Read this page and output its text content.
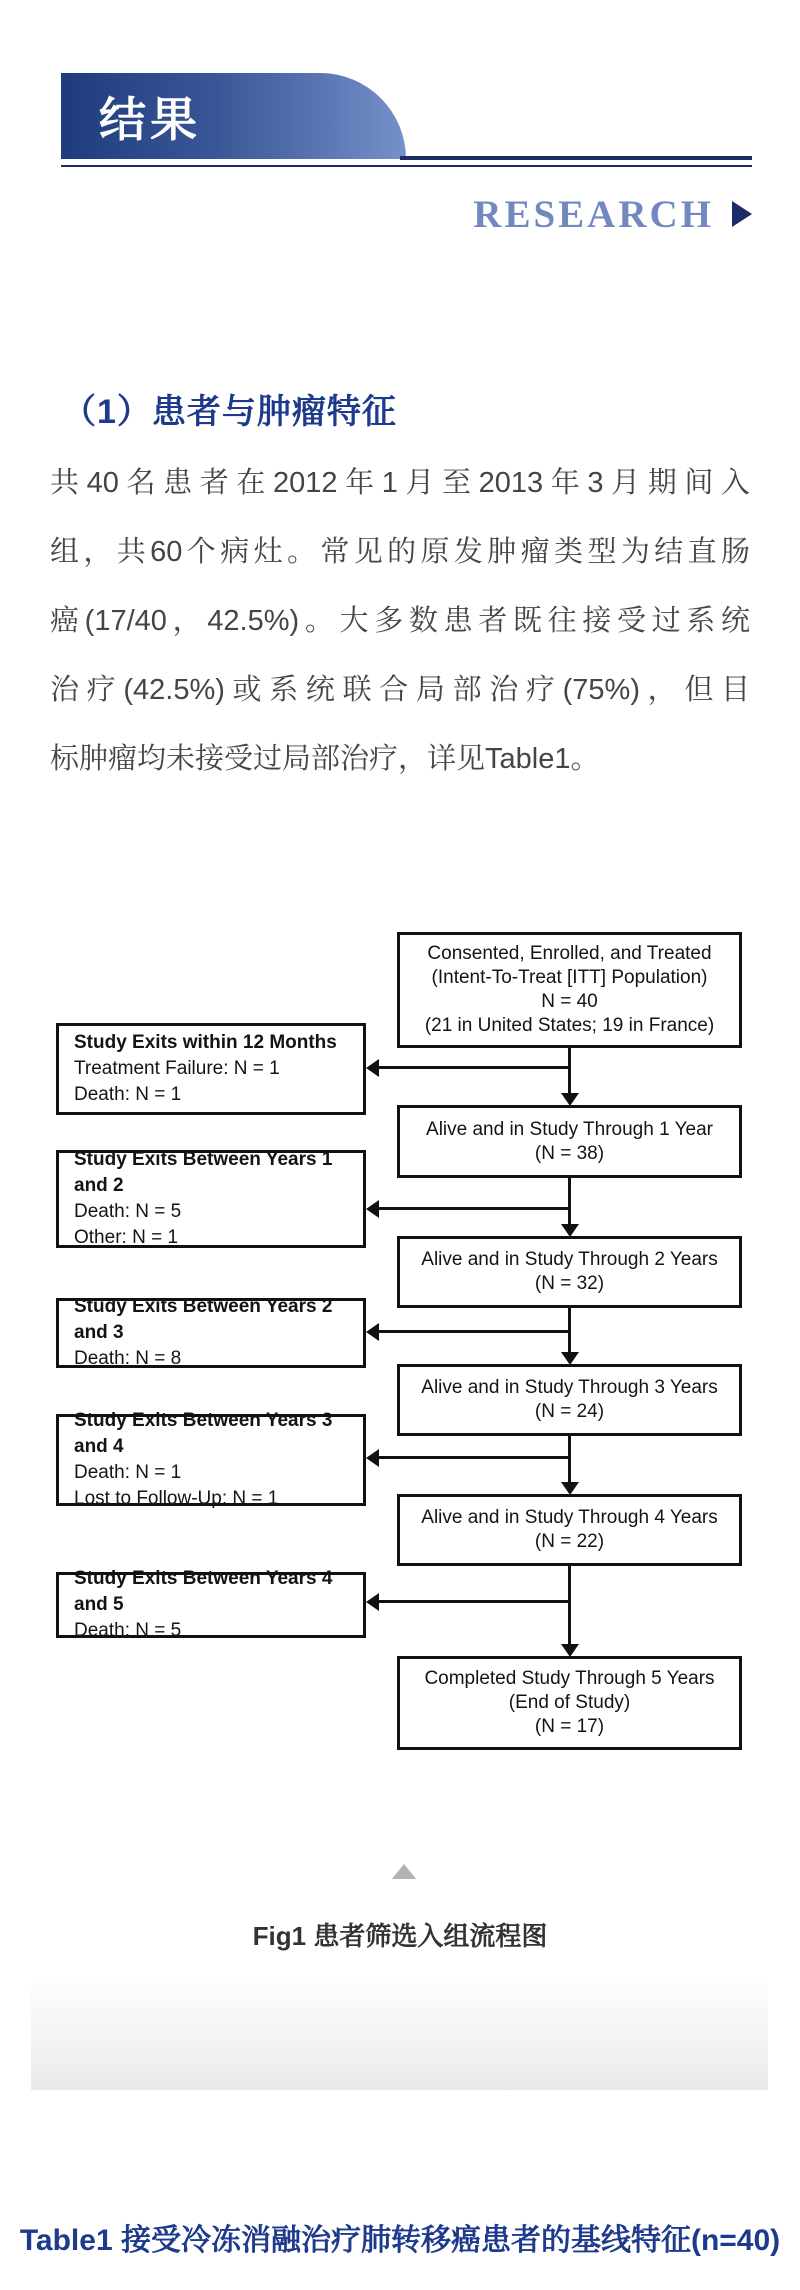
结果
RESEARCH
（1）患者与肿瘤特征
共40名患者在2012年1月至2013年3月期间入
组，共60个病灶。常见的原发肿瘤类型为结直肠
癌(17/40，42.5%)。大多数患者既往接受过系统
治疗(42.5%)或系统联合局部治疗(75%)，但目
标肿瘤均未接受过局部治疗，详见Table1。
Consented, Enrolled, and Treated
(Intent-To-Treat [ITT] Population)
N = 40
(21 in United States; 19 in France)
Alive and in Study Through 1 Year
(N = 38)
Alive and in Study Through 2 Years
(N = 32)
Alive and in Study Through 3 Years
(N = 24)
Alive and in Study Through 4 Years
(N = 22)
Completed Study Through 5 Years
(End of Study)
(N = 17)
Study Exits within 12 Months
Treatment Failure: N = 1
Death: N = 1
Study Exits Between Years 1 and 2
Death: N = 5
Other: N = 1
Study Exits Between Years 2 and 3
Death: N = 8
Study Exits Between Years 3 and 4
Death: N = 1
Lost to Follow-Up: N = 1
Study Exits Between Years 4 and 5
Death: N = 5
Fig1 患者筛选入组流程图
Table1 接受冷冻消融治疗肺转移癌患者的基线特征(n=40)
